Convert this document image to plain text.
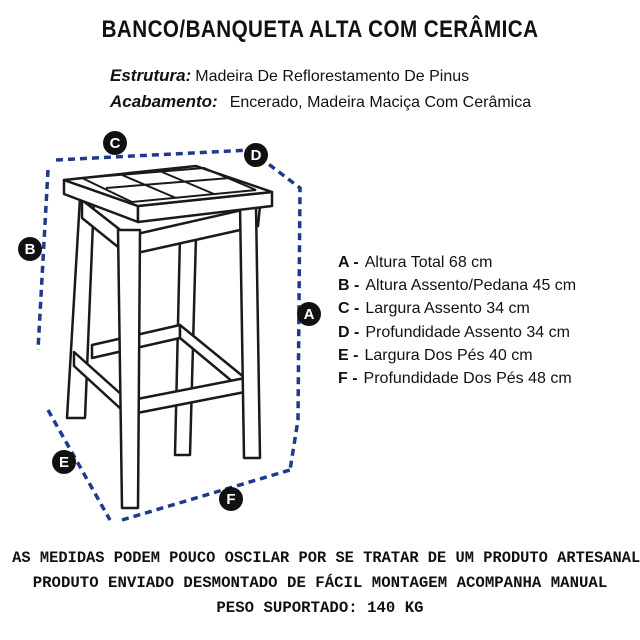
BANCO/BANQUETA ALTA COM CERÂMICA
Estrutura: Madeira De Reflorestamento De Pinus
Acabamento: Encerado, Madeira Maciça Com Cerâmica
C
D
B
A
E
F
A - Altura Total 68 cm
B - Altura Assento/Pedana 45 cm
C - Largura Assento 34 cm
D - Profundidade Assento 34 cm
E - Largura Dos Pés 40 cm
F - Profundidade Dos Pés 48 cm
AS MEDIDAS PODEM POUCO OSCILAR POR SE TRATAR DE UM PRODUTO ARTESANAL
PRODUTO ENVIADO DESMONTADO DE FÁCIL MONTAGEM ACOMPANHA MANUAL
PESO SUPORTADO: 140 KG
